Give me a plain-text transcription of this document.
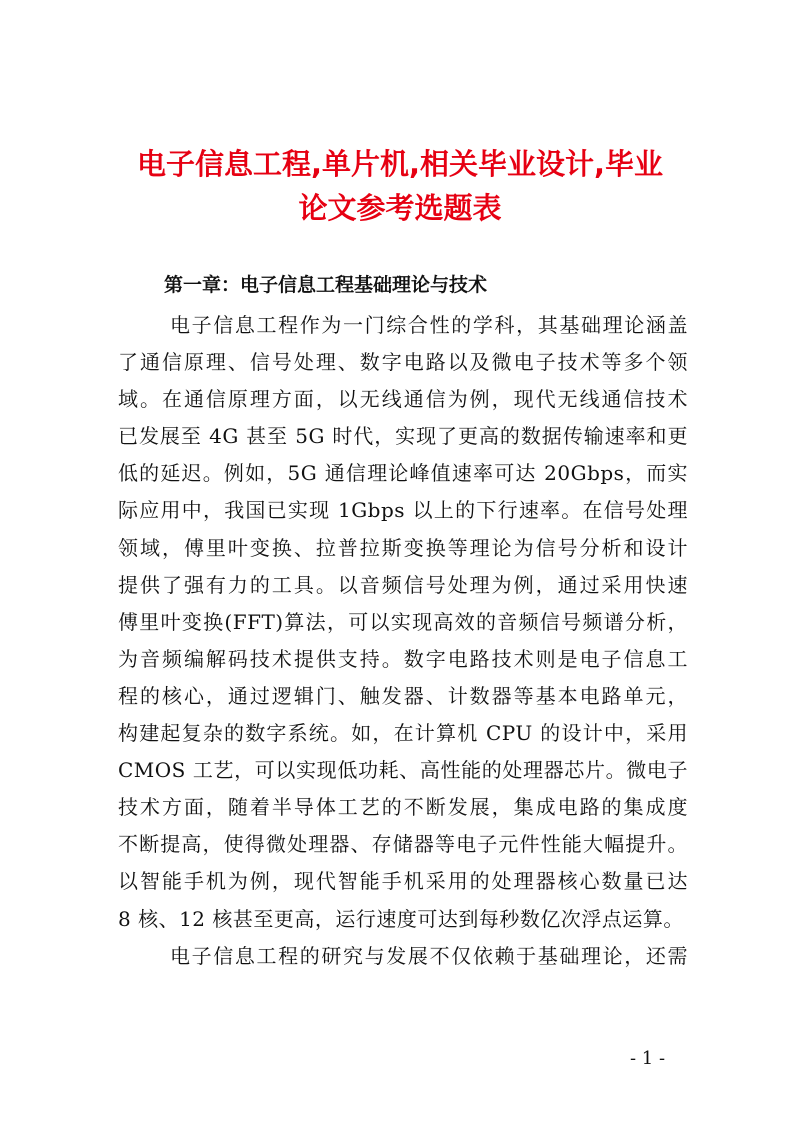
电子信息工程,单片机,相关毕业设计,毕业
论文参考选题表
第一章：电子信息工程基础理论与技术
电子信息工程作为一门综合性的学科，其基础理论涵盖
了通信原理、信号处理、数字电路以及微电子技术等多个领
域。在通信原理方面，以无线通信为例，现代无线通信技术
已发展至 4G 甚至 5G 时代，实现了更高的数据传输速率和更
低的延迟。例如，5G 通信理论峰值速率可达 20Gbps，而实
际应用中，我国已实现 1Gbps 以上的下行速率。在信号处理
领域，傅里叶变换、拉普拉斯变换等理论为信号分析和设计
提供了强有力的工具。以音频信号处理为例，通过采用快速
傅里叶变换(FFT)算法，可以实现高效的音频信号频谱分析，
为音频编解码技术提供支持。数字电路技术则是电子信息工
程的核心，通过逻辑门、触发器、计数器等基本电路单元，
构建起复杂的数字系统。如，在计算机 CPU 的设计中，采用
CMOS 工艺，可以实现低功耗、高性能的处理器芯片。微电子
技术方面，随着半导体工艺的不断发展，集成电路的集成度
不断提高，使得微处理器、存储器等电子元件性能大幅提升。
以智能手机为例，现代智能手机采用的处理器核心数量已达
8 核、12 核甚至更高，运行速度可达到每秒数亿次浮点运算。
电子信息工程的研究与发展不仅依赖于基础理论，还需
- 1 -
